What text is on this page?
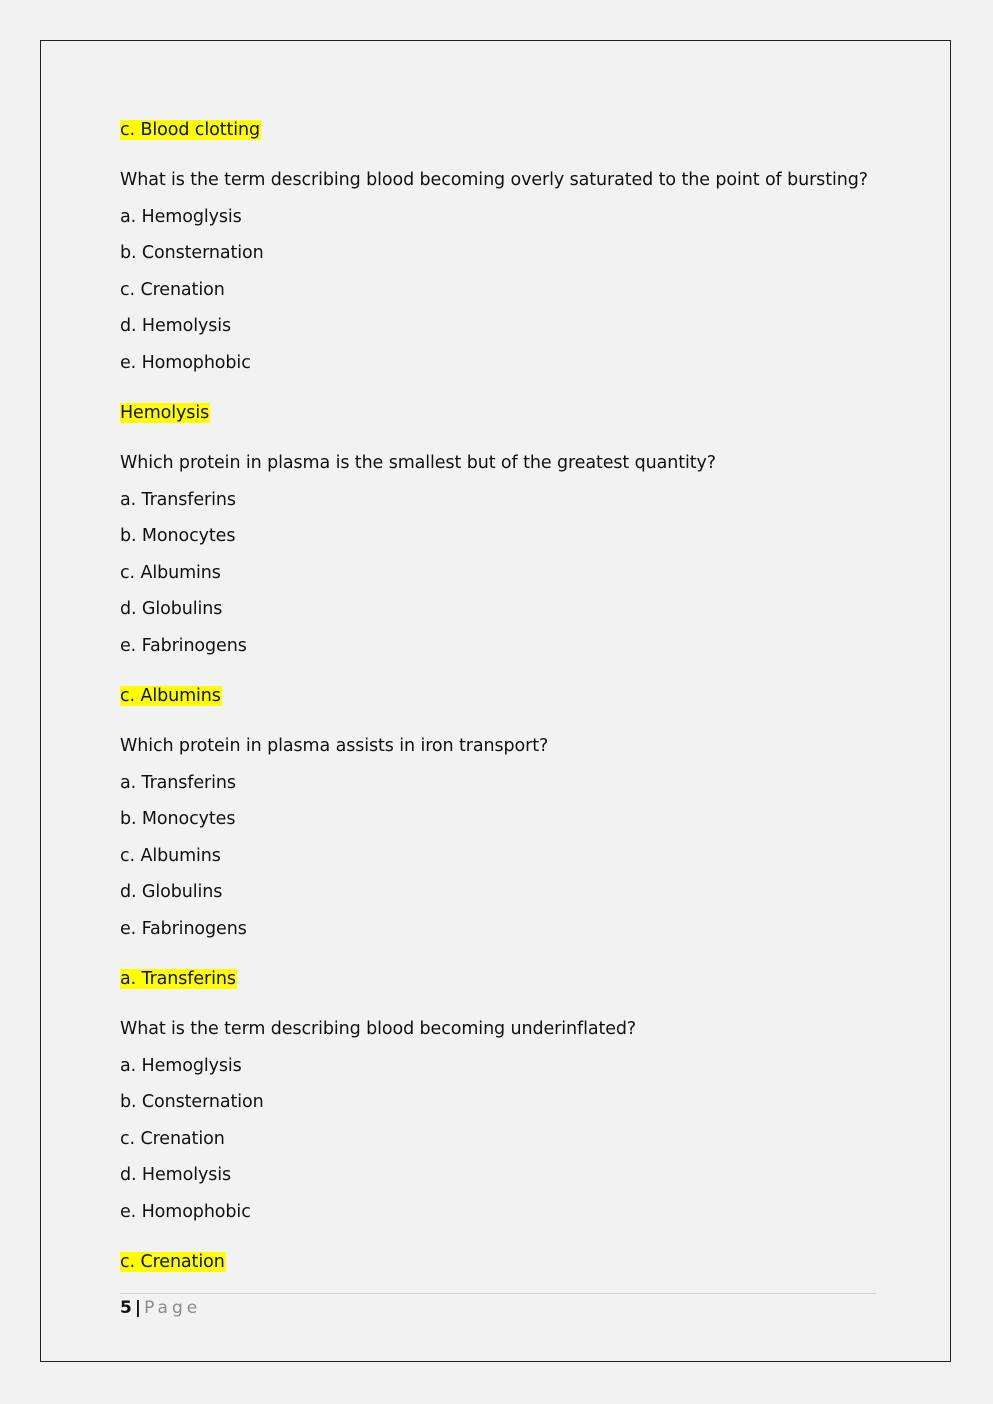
c. Blood clotting
What is the term describing blood becoming overly saturated to the point of bursting?
a. Hemoglysis
b. Consternation
c. Crenation
d. Hemolysis
e. Homophobic
Hemolysis
Which protein in plasma is the smallest but of the greatest quantity?
a. Transferins
b. Monocytes
c. Albumins
d. Globulins
e. Fabrinogens
c. Albumins
Which protein in plasma assists in iron transport?
a. Transferins
b. Monocytes
c. Albumins
d. Globulins
e. Fabrinogens
a. Transferins
What is the term describing blood becoming underinflated?
a. Hemoglysis
b. Consternation
c. Crenation
d. Hemolysis
e. Homophobic
c. Crenation
5 | Page
